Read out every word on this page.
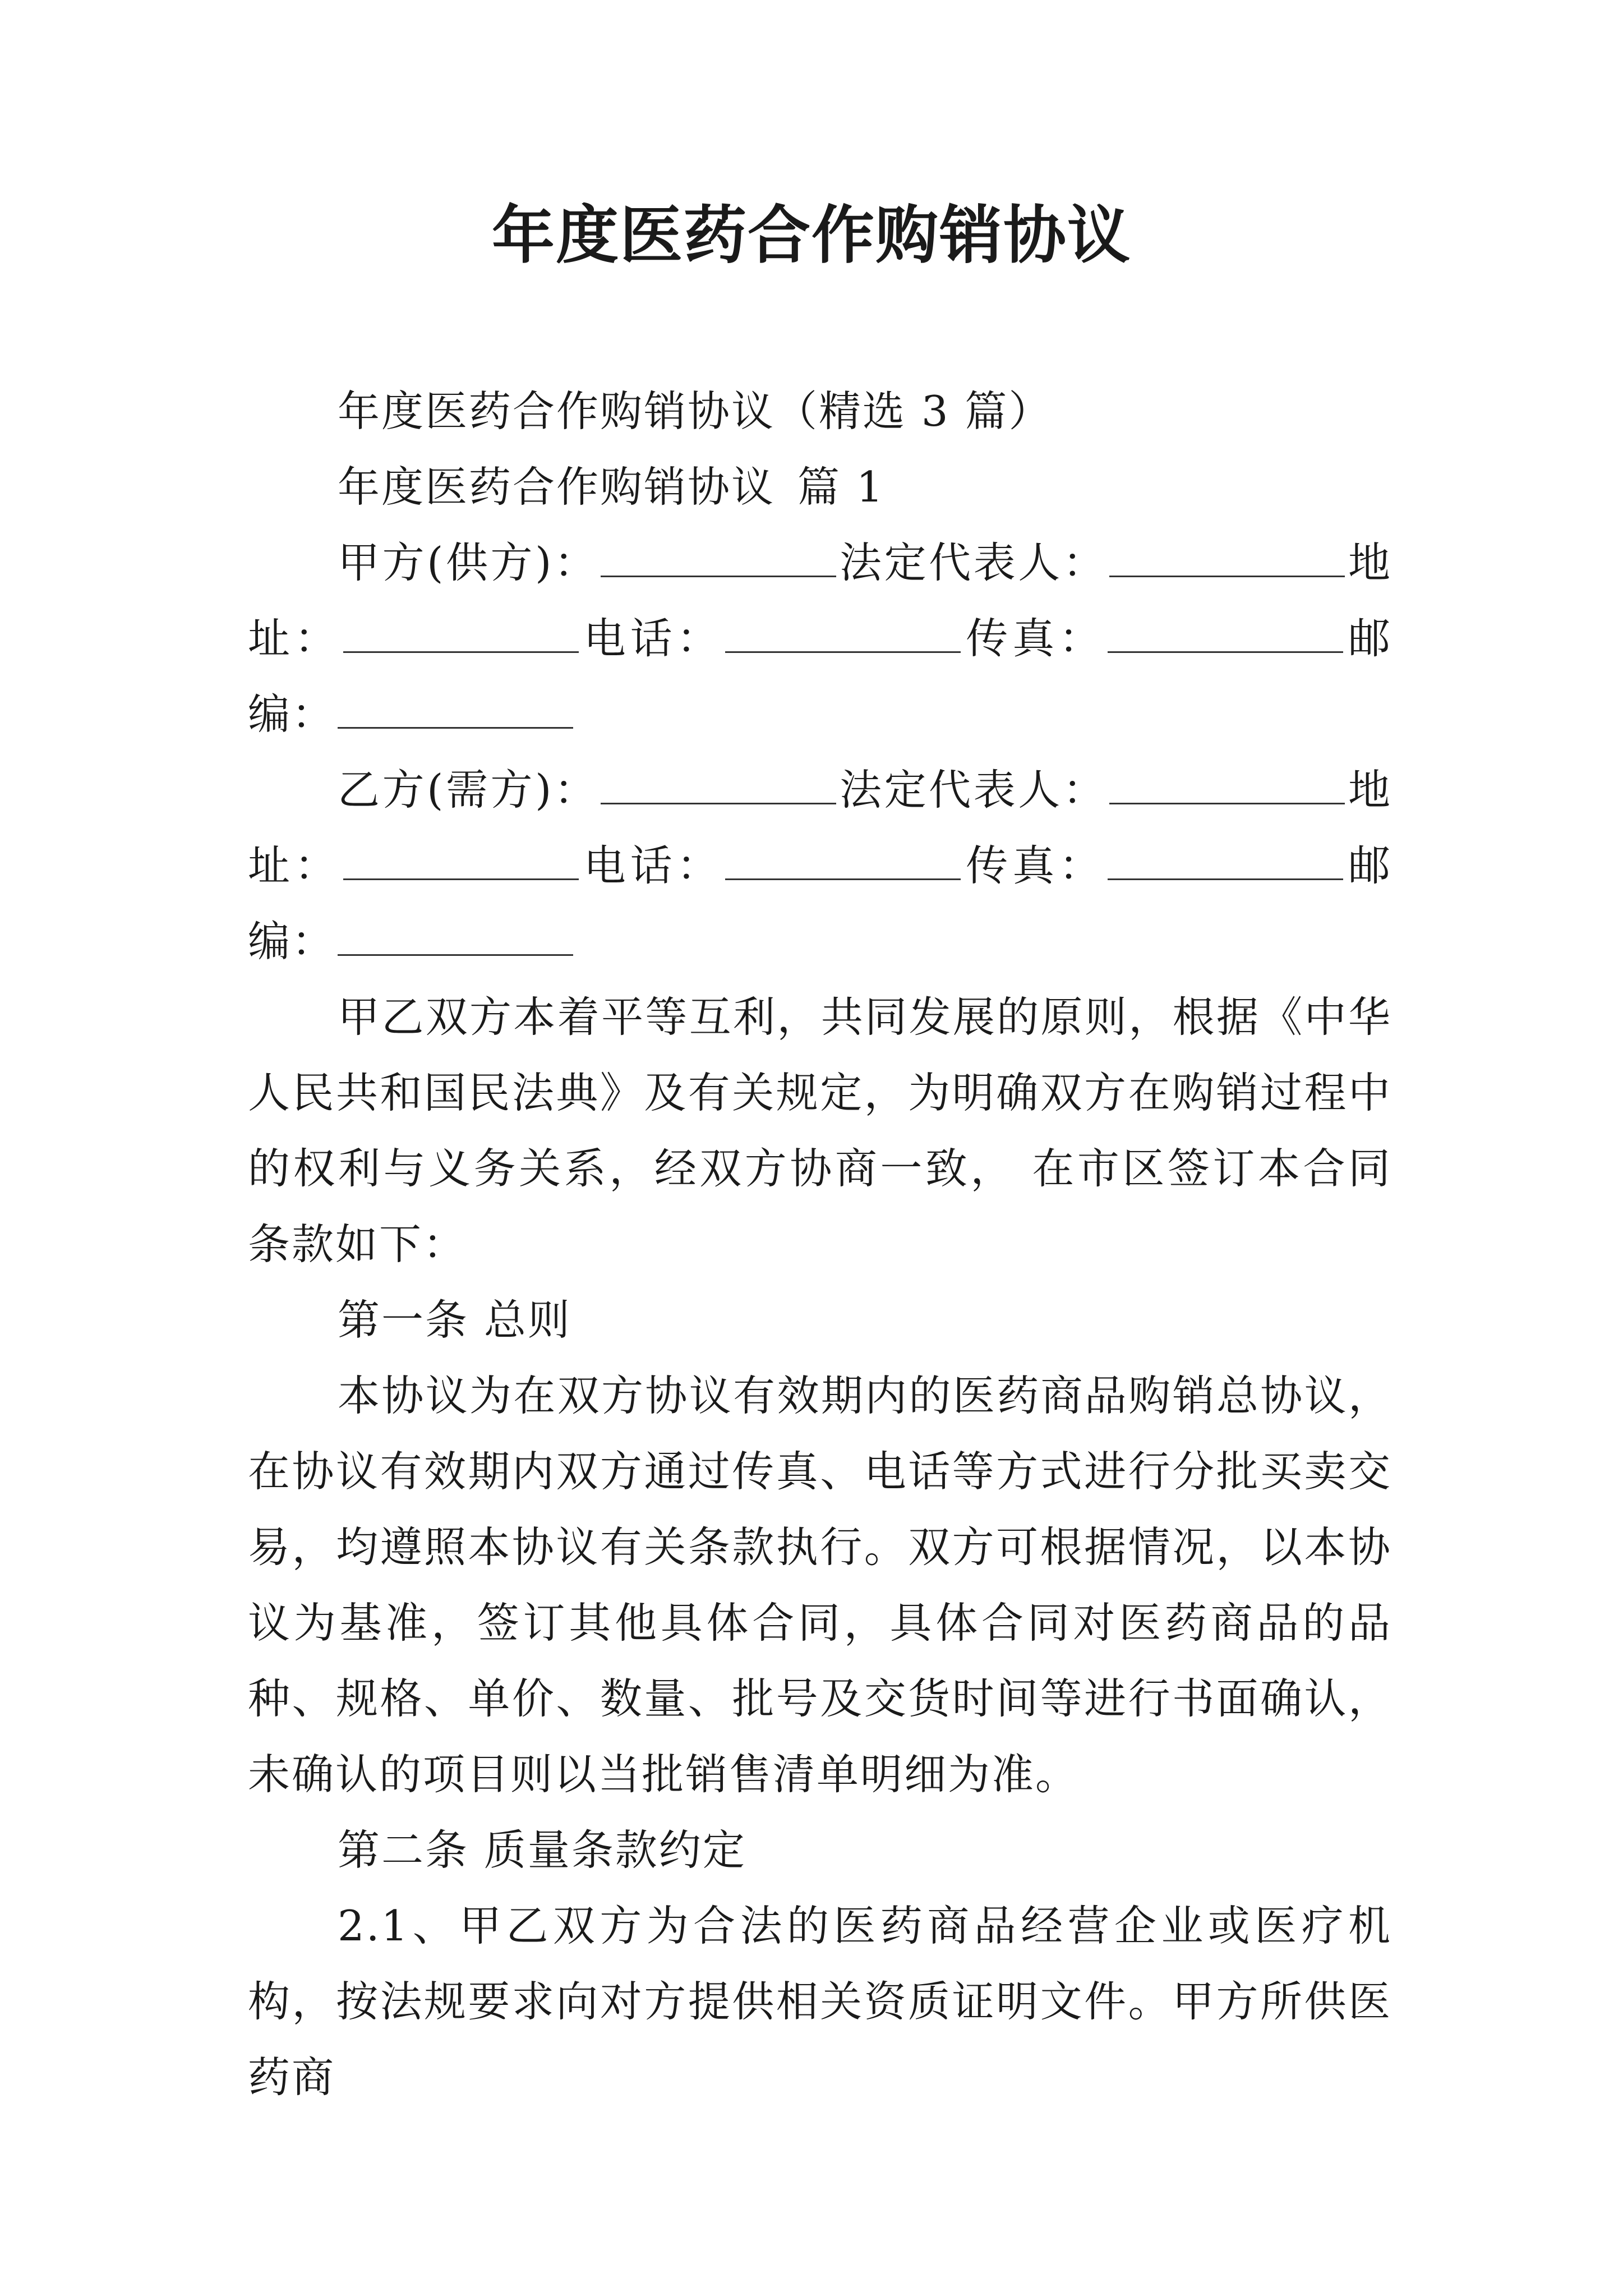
年度医药合作购销协议

年度医药合作购销协议（精选 3 篇）

年度医药合作购销协议 篇 1

甲方(供方)：	法定代表人：	地址：	电话：	传真：	邮编：

乙方(需方)：	法定代表人：	地址：	电话：	传真：	邮编：

甲乙双方本着平等互利，共同发展的原则，根据《中华人民共和国民法典》及有关规定，为明确双方在购销过程中的权利与义务关系，经双方协商一致， 在市区签订本合同条款如下：

第一条 总则

本协议为在双方协议有效期内的医药商品购销总协议，在协议有效期内双方通过传真、电话等方式进行分批买卖交易，均遵照本协议有关条款执行。双方可根据情况，以本协议为基准，签订其他具体合同，具体合同对医药商品的品种、规格、单价、数量、批号及交货时间等进行书面确认，未确认的项目则以当批销售清单明细为准。

第二条 质量条款约定

2.1、甲乙双方为合法的医药商品经营企业或医疗机构，按法规要求向对方提供相关资质证明文件。甲方所供医药商
